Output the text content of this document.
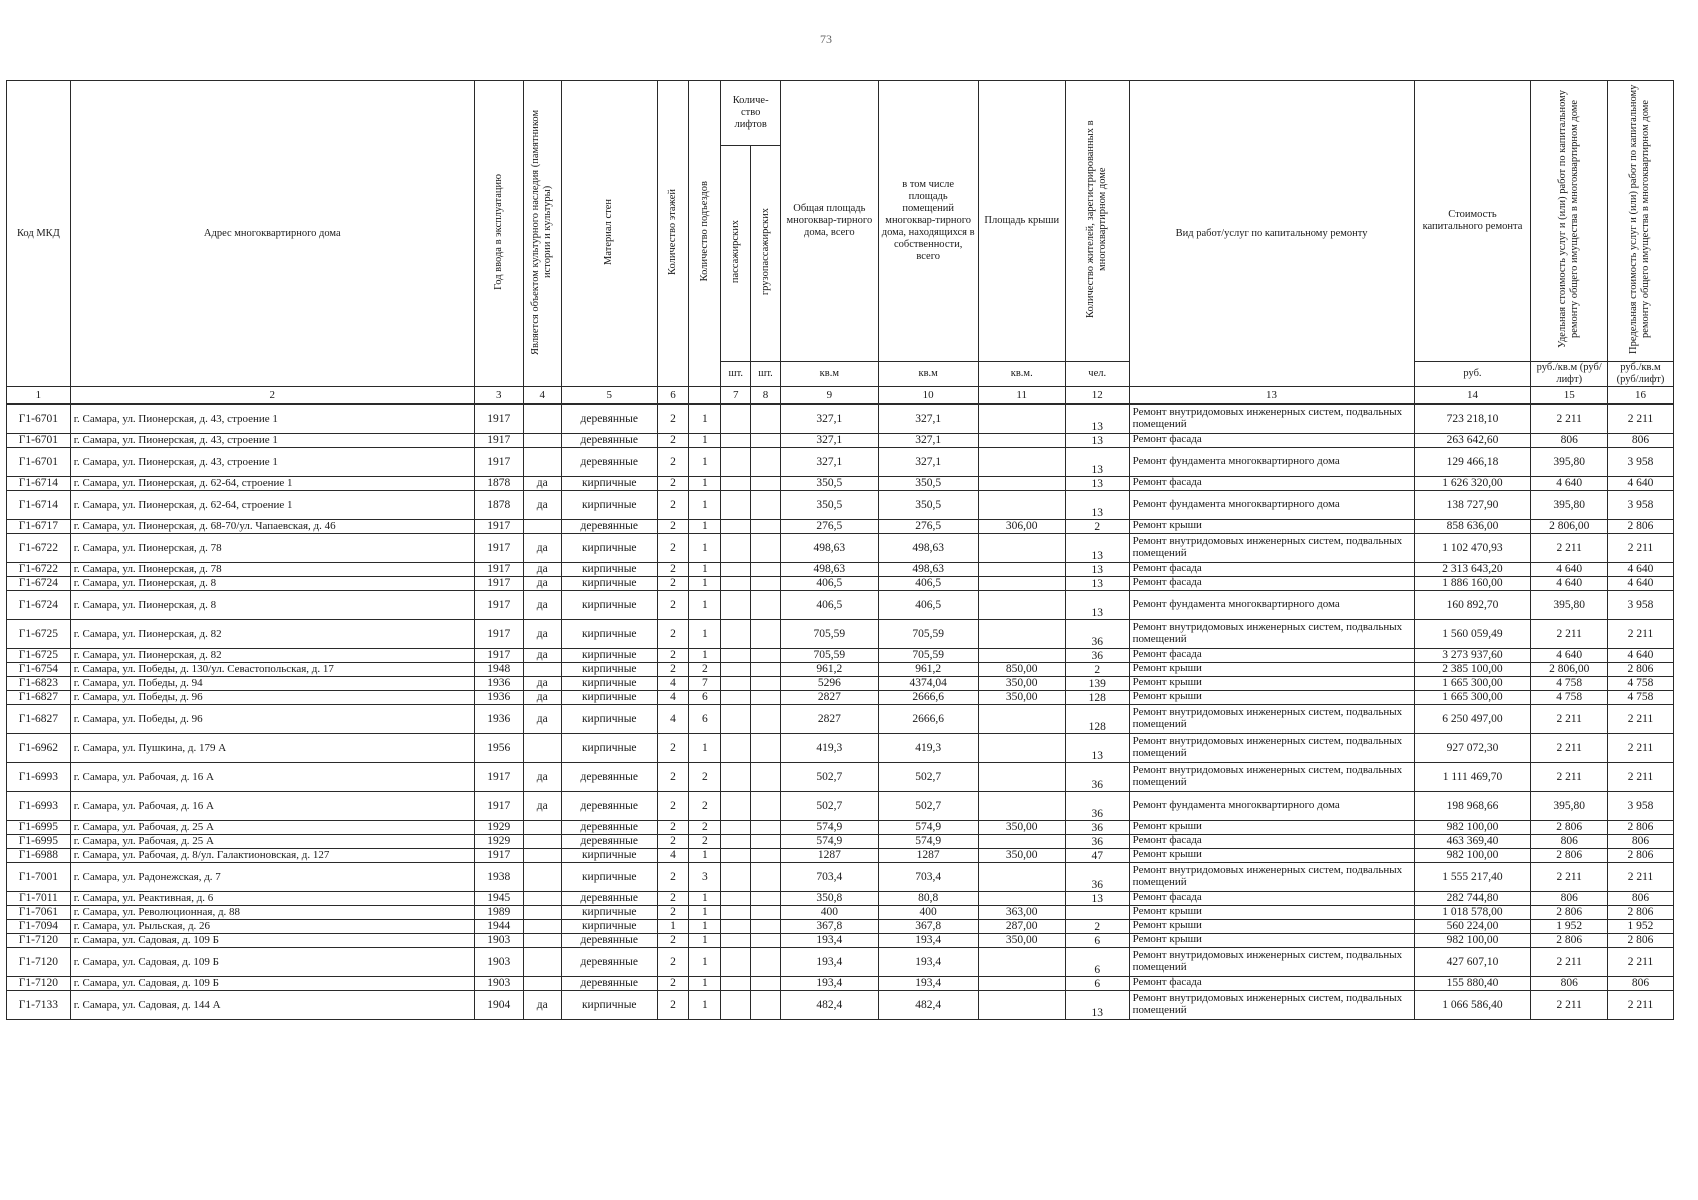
73
Код МКД	Адрес многоквартирного дома	Год ввода в эксплуатацию	Является объектом культурного наследия (памятником истории и культуры)	Материал стен	Количество этажей	Количество подъездов	Количе-ство лифтов		Общая площадь многоквар-тирного дома, всего	в том числе площадь помещений многоквар-тирного дома, находящихся в собственности, всего	Площадь крыши	Количество жителей, зарегистрированных в многоквартирном доме	Вид работ/услуг по капитальному ремонту	Стоимость капитального ремонта	Удельная стоимость услуг и (или) работ по капитальному ремонту общего имущества в многоквартирном доме	Предельная стоимость услуг и (или) работ по капитальному ремонту общего имущества в многоквартирном доме
							пассажирских	грузопассажирских								
							шт.	шт.	кв.м	кв.м	кв.м.	чел.		руб.	руб./кв.м (руб/лифт)	руб./кв.м (руб/лифт)
1	2	3	4	5	6		7	8	9	10	11	12	13	14	15	16
Г1-6701	г. Самара, ул. Пионерская, д. 43, строение 1	1917		деревянные	2	1			327,1	327,1		13	Ремонт внутридомовых инженерных систем, подвальных помещений	723 218,10	2 211	2 211
Г1-6701	г. Самара, ул. Пионерская, д. 43, строение 1	1917		деревянные	2	1			327,1	327,1		13	Ремонт фасада	263 642,60	806	806
Г1-6701	г. Самара, ул. Пионерская, д. 43, строение 1	1917		деревянные	2	1			327,1	327,1		13	Ремонт фундамента многоквартирного дома	129 466,18	395,80	3 958
Г1-6714	г. Самара, ул. Пионерская, д. 62-64, строение 1	1878	да	кирпичные	2	1			350,5	350,5		13	Ремонт фасада	1 626 320,00	4 640	4 640
Г1-6714	г. Самара, ул. Пионерская, д. 62-64, строение 1	1878	да	кирпичные	2	1			350,5	350,5		13	Ремонт фундамента многоквартирного дома	138 727,90	395,80	3 958
Г1-6717	г. Самара, ул. Пионерская, д. 68-70/ул. Чапаевская, д. 46	1917		деревянные	2	1			276,5	276,5	306,00	2	Ремонт крыши	858 636,00	2 806,00	2 806
Г1-6722	г. Самара, ул. Пионерская, д. 78	1917	да	кирпичные	2	1			498,63	498,63		13	Ремонт внутридомовых инженерных систем, подвальных помещений	1 102 470,93	2 211	2 211
Г1-6722	г. Самара, ул. Пионерская, д. 78	1917	да	кирпичные	2	1			498,63	498,63		13	Ремонт фасада	2 313 643,20	4 640	4 640
Г1-6724	г. Самара, ул. Пионерская, д. 8	1917	да	кирпичные	2	1			406,5	406,5		13	Ремонт фасада	1 886 160,00	4 640	4 640
Г1-6724	г. Самара, ул. Пионерская, д. 8	1917	да	кирпичные	2	1			406,5	406,5		13	Ремонт фундамента многоквартирного дома	160 892,70	395,80	3 958
Г1-6725	г. Самара, ул. Пионерская, д. 82	1917	да	кирпичные	2	1			705,59	705,59		36	Ремонт внутридомовых инженерных систем, подвальных помещений	1 560 059,49	2 211	2 211
Г1-6725	г. Самара, ул. Пионерская, д. 82	1917	да	кирпичные	2	1			705,59	705,59		36	Ремонт фасада	3 273 937,60	4 640	4 640
Г1-6754	г. Самара, ул. Победы, д. 130/ул. Севастопольская, д. 17	1948		кирпичные	2	2			961,2	961,2	850,00	2	Ремонт крыши	2 385 100,00	2 806,00	2 806
Г1-6823	г. Самара, ул. Победы, д. 94	1936	да	кирпичные	4	7			5296	4374,04	350,00	139	Ремонт крыши	1 665 300,00	4 758	4 758
Г1-6827	г. Самара, ул. Победы, д. 96	1936	да	кирпичные	4	6			2827	2666,6	350,00	128	Ремонт крыши	1 665 300,00	4 758	4 758
Г1-6827	г. Самара, ул. Победы, д. 96	1936	да	кирпичные	4	6			2827	2666,6		128	Ремонт внутридомовых инженерных систем, подвальных помещений	6 250 497,00	2 211	2 211
Г1-6962	г. Самара, ул. Пушкина, д. 179 А	1956		кирпичные	2	1			419,3	419,3		13	Ремонт внутридомовых инженерных систем, подвальных помещений	927 072,30	2 211	2 211
Г1-6993	г. Самара, ул. Рабочая, д. 16 А	1917	да	деревянные	2	2			502,7	502,7		36	Ремонт внутридомовых инженерных систем, подвальных помещений	1 111 469,70	2 211	2 211
Г1-6993	г. Самара, ул. Рабочая, д. 16 А	1917	да	деревянные	2	2			502,7	502,7		36	Ремонт фундамента многоквартирного дома	198 968,66	395,80	3 958
Г1-6995	г. Самара, ул. Рабочая, д. 25 А	1929		деревянные	2	2			574,9	574,9	350,00	36	Ремонт крыши	982 100,00	2 806	2 806
Г1-6995	г. Самара, ул. Рабочая, д. 25 А	1929		деревянные	2	2			574,9	574,9		36	Ремонт фасада	463 369,40	806	806
Г1-6988	г. Самара, ул. Рабочая, д. 8/ул. Галактионовская, д. 127	1917		кирпичные	4	1			1287	1287	350,00	47	Ремонт крыши	982 100,00	2 806	2 806
Г1-7001	г. Самара, ул. Радонежская, д. 7	1938		кирпичные	2	3			703,4	703,4		36	Ремонт внутридомовых инженерных систем, подвальных помещений	1 555 217,40	2 211	2 211
Г1-7011	г. Самара, ул. Реактивная, д. 6	1945		деревянные	2	1			350,8	80,8		13	Ремонт фасада	282 744,80	806	806
Г1-7061	г. Самара, ул. Революционная, д. 88	1989		кирпичные	2	1			400	400	363,00		Ремонт крыши	1 018 578,00	2 806	2 806
Г1-7094	г. Самара, ул. Рыльская, д. 26	1944		кирпичные	1	1			367,8	367,8	287,00	2	Ремонт крыши	560 224,00	1 952	1 952
Г1-7120	г. Самара, ул. Садовая, д. 109 Б	1903		деревянные	2	1			193,4	193,4	350,00	6	Ремонт крыши	982 100,00	2 806	2 806
Г1-7120	г. Самара, ул. Садовая, д. 109 Б	1903		деревянные	2	1			193,4	193,4		6	Ремонт внутридомовых инженерных систем, подвальных помещений	427 607,10	2 211	2 211
Г1-7120	г. Самара, ул. Садовая, д. 109 Б	1903		деревянные	2	1			193,4	193,4		6	Ремонт фасада	155 880,40	806	806
Г1-7133	г. Самара, ул. Садовая, д. 144 А	1904	да	кирпичные	2	1			482,4	482,4		13	Ремонт внутридомовых инженерных систем, подвальных помещений	1 066 586,40	2 211	2 211
